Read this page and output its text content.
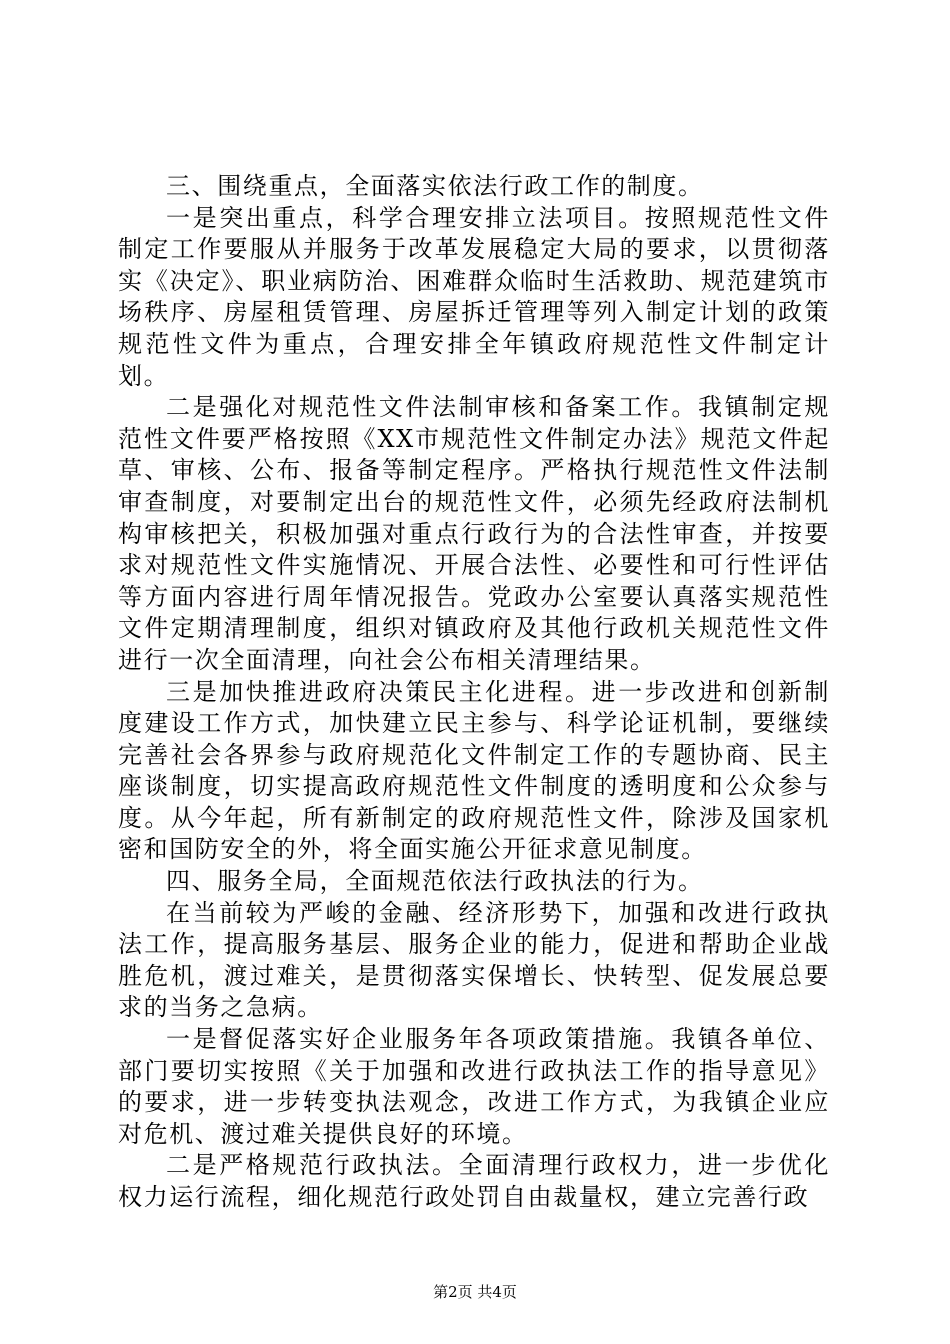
三、围绕重点，全面落实依法行政工作的制度。

一是突出重点，科学合理安排立法项目。按照规范性文件制定工作要服从并服务于改革发展稳定大局的要求，以贯彻落实《决定》、职业病防治、困难群众临时生活救助、规范建筑市场秩序、房屋租赁管理、房屋拆迁管理等列入制定计划的政策规范性文件为重点，合理安排全年镇政府规范性文件制定计划。

二是强化对规范性文件法制审核和备案工作。我镇制定规范性文件要严格按照《XX市规范性文件制定办法》规范文件起草、审核、公布、报备等制定程序。严格执行规范性文件法制审查制度，对要制定出台的规范性文件，必须先经政府法制机构审核把关，积极加强对重点行政行为的合法性审查，并按要求对规范性文件实施情况、开展合法性、必要性和可行性评估等方面内容进行周年情况报告。党政办公室要认真落实规范性文件定期清理制度，组织对镇政府及其他行政机关规范性文件进行一次全面清理，向社会公布相关清理结果。

三是加快推进政府决策民主化进程。进一步改进和创新制度建设工作方式，加快建立民主参与、科学论证机制，要继续完善社会各界参与政府规范化文件制定工作的专题协商、民主座谈制度，切实提高政府规范性文件制度的透明度和公众参与度。从今年起，所有新制定的政府规范性文件，除涉及国家机密和国防安全的外，将全面实施公开征求意见制度。

四、服务全局，全面规范依法行政执法的行为。

在当前较为严峻的金融、经济形势下，加强和改进行政执法工作，提高服务基层、服务企业的能力，促进和帮助企业战胜危机，渡过难关，是贯彻落实保增长、快转型、促发展总要求的当务之急病。

一是督促落实好企业服务年各项政策措施。我镇各单位、部门要切实按照《关于加强和改进行政执法工作的指导意见》的要求，进一步转变执法观念，改进工作方式，为我镇企业应对危机、渡过难关提供良好的环境。

二是严格规范行政执法。全面清理行政权力，进一步优化权力运行流程，细化规范行政处罚自由裁量权，建立完善行政

第2页 共4页
